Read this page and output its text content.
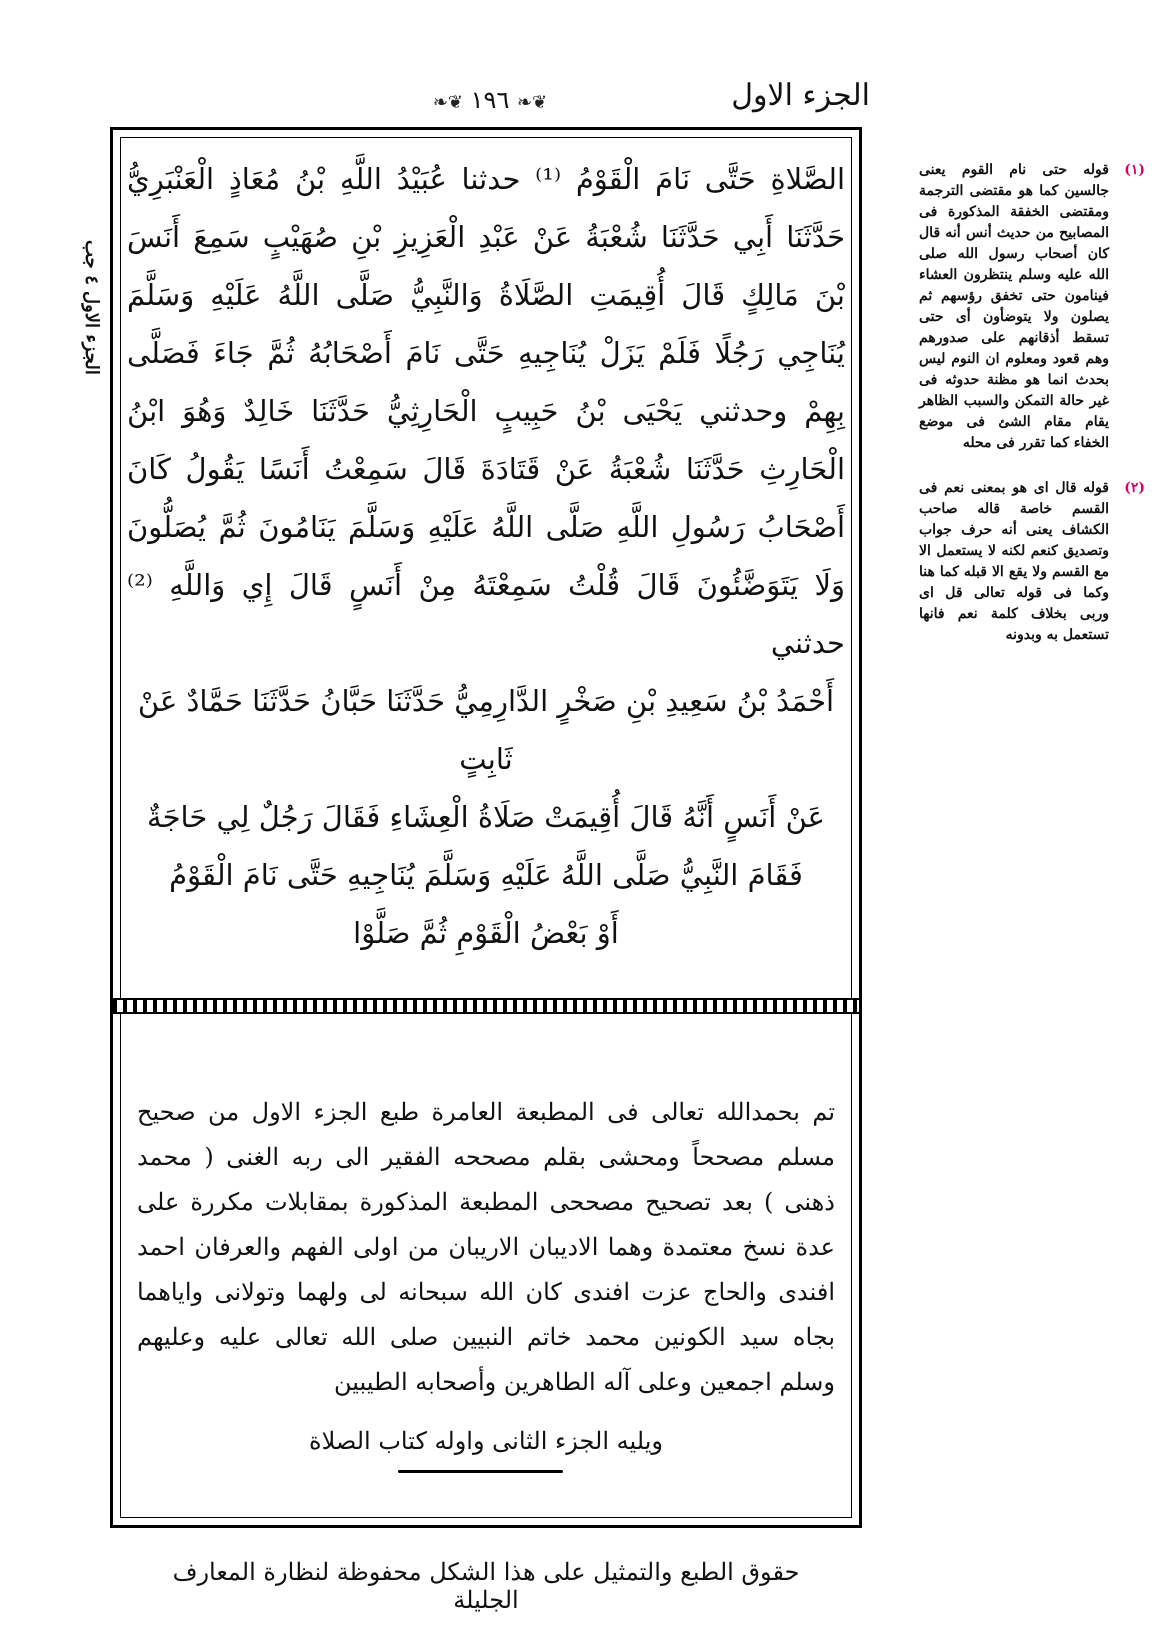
الجزء الاول
❦❧ ١٩٦ ❦❧

الصَّلاةِ حَتَّى نَامَ الْقَوْمُ ⁽¹⁾ حدثنا عُبَيْدُ اللَّهِ بْنُ مُعَاذٍ الْعَنْبَرِيُّ حَدَّثَنَا أَبِي حَدَّثَنَا شُعْبَةُ عَنْ عَبْدِ الْعَزِيزِ بْنِ صُهَيْبٍ سَمِعَ أَنَسَ بْنَ مَالِكٍ قَالَ أُقِيمَتِ الصَّلَاةُ وَالنَّبِيُّ صَلَّى اللَّهُ عَلَيْهِ وَسَلَّمَ يُنَاجِي رَجُلًا فَلَمْ يَزَلْ يُنَاجِيهِ حَتَّى نَامَ أَصْحَابُهُ ثُمَّ جَاءَ فَصَلَّى بِهِمْ وحدثني يَحْيَى بْنُ حَبِيبٍ الْحَارِثِيُّ حَدَّثَنَا خَالِدٌ وَهُوَ ابْنُ الْحَارِثِ حَدَّثَنَا شُعْبَةُ عَنْ قَتَادَةَ قَالَ سَمِعْتُ أَنَسًا يَقُولُ كَانَ أَصْحَابُ رَسُولِ اللَّهِ صَلَّى اللَّهُ عَلَيْهِ وَسَلَّمَ يَنَامُونَ ثُمَّ يُصَلُّونَ وَلَا يَتَوَضَّئُونَ قَالَ قُلْتُ سَمِعْتَهُ مِنْ أَنَسٍ قَالَ إِي وَاللَّهِ ⁽²⁾ حدثني

أَحْمَدُ بْنُ سَعِيدِ بْنِ صَخْرٍ الدَّارِمِيُّ حَدَّثَنَا حَبَّانُ حَدَّثَنَا حَمَّادٌ عَنْ ثَابِتٍ

عَنْ أَنَسٍ أَنَّهُ قَالَ أُقِيمَتْ صَلَاةُ الْعِشَاءِ فَقَالَ رَجُلٌ لِي حَاجَةٌ

فَقَامَ النَّبِيُّ صَلَّى اللَّهُ عَلَيْهِ وَسَلَّمَ يُنَاجِيهِ حَتَّى نَامَ الْقَوْمُ

أَوْ بَعْضُ الْقَوْمِ ثُمَّ صَلَّوْا

تم بحمدالله تعالى فى المطبعة العامرة طبع الجزء الاول من صحيح مسلم مصححاً ومحشى بقلم مصححه الفقير الى ربه الغنى ( محمد ذهنى ) بعد تصحيح مصححى المطبعة المذكورة بمقابلات مكررة على عدة نسخ معتمدة وهما الاديبان الاريبان من اولى الفهم والعرفان احمد افندى والحاج عزت افندى كان الله سبحانه لى ولهما وتولانى واياهما بجاه سيد الكونين محمد خاتم النبيين صلى الله تعالى عليه وعليهم وسلم اجمعين وعلى آله الطاهرين وأصحابه الطيبين

ويليه الجزء الثانى واوله كتاب الصلاة

حقوق الطبع والتمثيل على هذا الشكل محفوظة لنظارة المعارف الجليلة
(١)
قوله حتى نام القوم يعنى جالسين كما هو مقتضى الترجمة ومقتضى الخفقة المذكورة فى المصابيح من حديث أنس أنه قال كان أصحاب رسول الله صلى الله عليه وسلم ينتظرون العشاء فينامون حتى تخفق رؤسهم ثم يصلون ولا يتوضأون أى حتى تسقط أذقانهم على صدورهم وهم قعود ومعلوم ان النوم ليس بحدث انما هو مظنة حدوثه فى غير حالة التمكن والسبب الظاهر يقام مقام الشئ فى موضع الخفاء كما تقرر فى محله
(٢)
قوله قال اى هو بمعنى نعم فى القسم خاصة قاله صاحب الكشاف يعنى أنه حرف جواب وتصديق كنعم لكنه لا يستعمل الا مع القسم ولا يقع الا قبله كما هنا وكما فى قوله تعالى قل اى وربى بخلاف كلمة نعم فانها تستعمل به وبدونه
الجزء الاول ٤ جب
